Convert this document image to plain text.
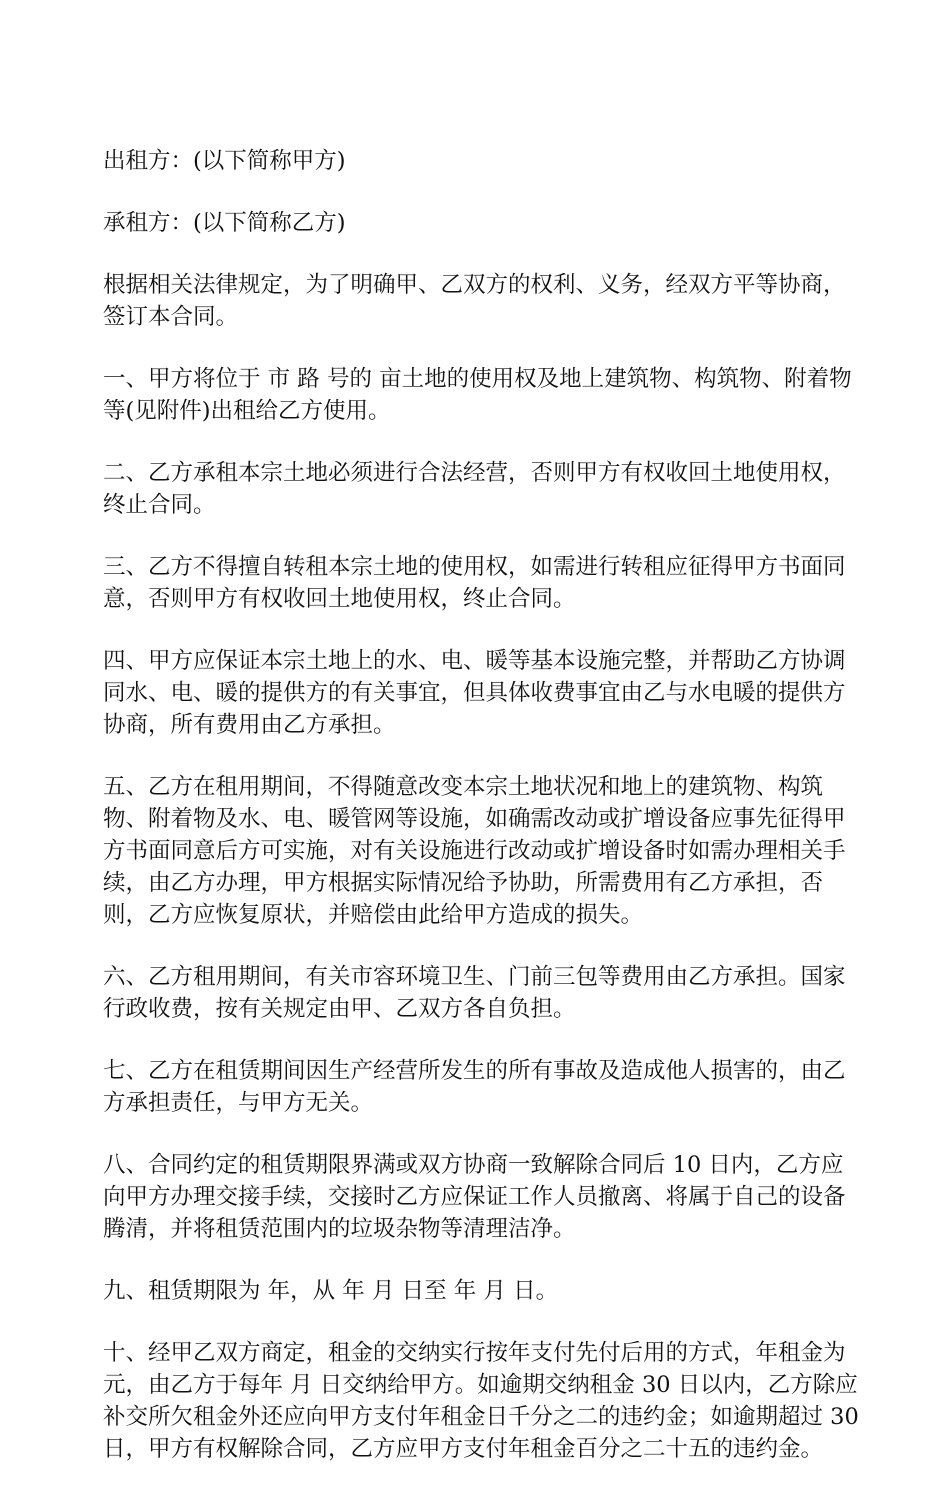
出租方：(以下简称甲方)

承租方：(以下简称乙方)

根据相关法律规定，为了明确甲、乙双方的权利、义务，经双方平等协商，签订本合同。

一、甲方将位于 市 路 号的 亩土地的使用权及地上建筑物、构筑物、附着物等(见附件)出租给乙方使用。

二、乙方承租本宗土地必须进行合法经营，否则甲方有权收回土地使用权，终止合同。

三、乙方不得擅自转租本宗土地的使用权，如需进行转租应征得甲方书面同意，否则甲方有权收回土地使用权，终止合同。

四、甲方应保证本宗土地上的水、电、暖等基本设施完整，并帮助乙方协调同水、电、暖的提供方的有关事宜，但具体收费事宜由乙与水电暖的提供方协商，所有费用由乙方承担。

五、乙方在租用期间，不得随意改变本宗土地状况和地上的建筑物、构筑物、附着物及水、电、暖管网等设施，如确需改动或扩增设备应事先征得甲方书面同意后方可实施，对有关设施进行改动或扩增设备时如需办理相关手续，由乙方办理，甲方根据实际情况给予协助，所需费用有乙方承担，否则，乙方应恢复原状，并赔偿由此给甲方造成的损失。

六、乙方租用期间，有关市容环境卫生、门前三包等费用由乙方承担。国家行政收费，按有关规定由甲、乙双方各自负担。

七、乙方在租赁期间因生产经营所发生的所有事故及造成他人损害的，由乙方承担责任，与甲方无关。

八、合同约定的租赁期限界满或双方协商一致解除合同后 10 日内，乙方应向甲方办理交接手续，交接时乙方应保证工作人员撤离、将属于自己的设备腾清，并将租赁范围内的垃圾杂物等清理洁净。

九、租赁期限为 年，从 年 月 日至 年 月 日。

十、经甲乙双方商定，租金的交纳实行按年支付先付后用的方式，年租金为 元，由乙方于每年 月 日交纳给甲方。如逾期交纳租金 30 日以内，乙方除应补交所欠租金外还应向甲方支付年租金日千分之二的违约金；如逾期超过 30 日，甲方有权解除合同，乙方应甲方支付年租金百分之二十五的违约金。
